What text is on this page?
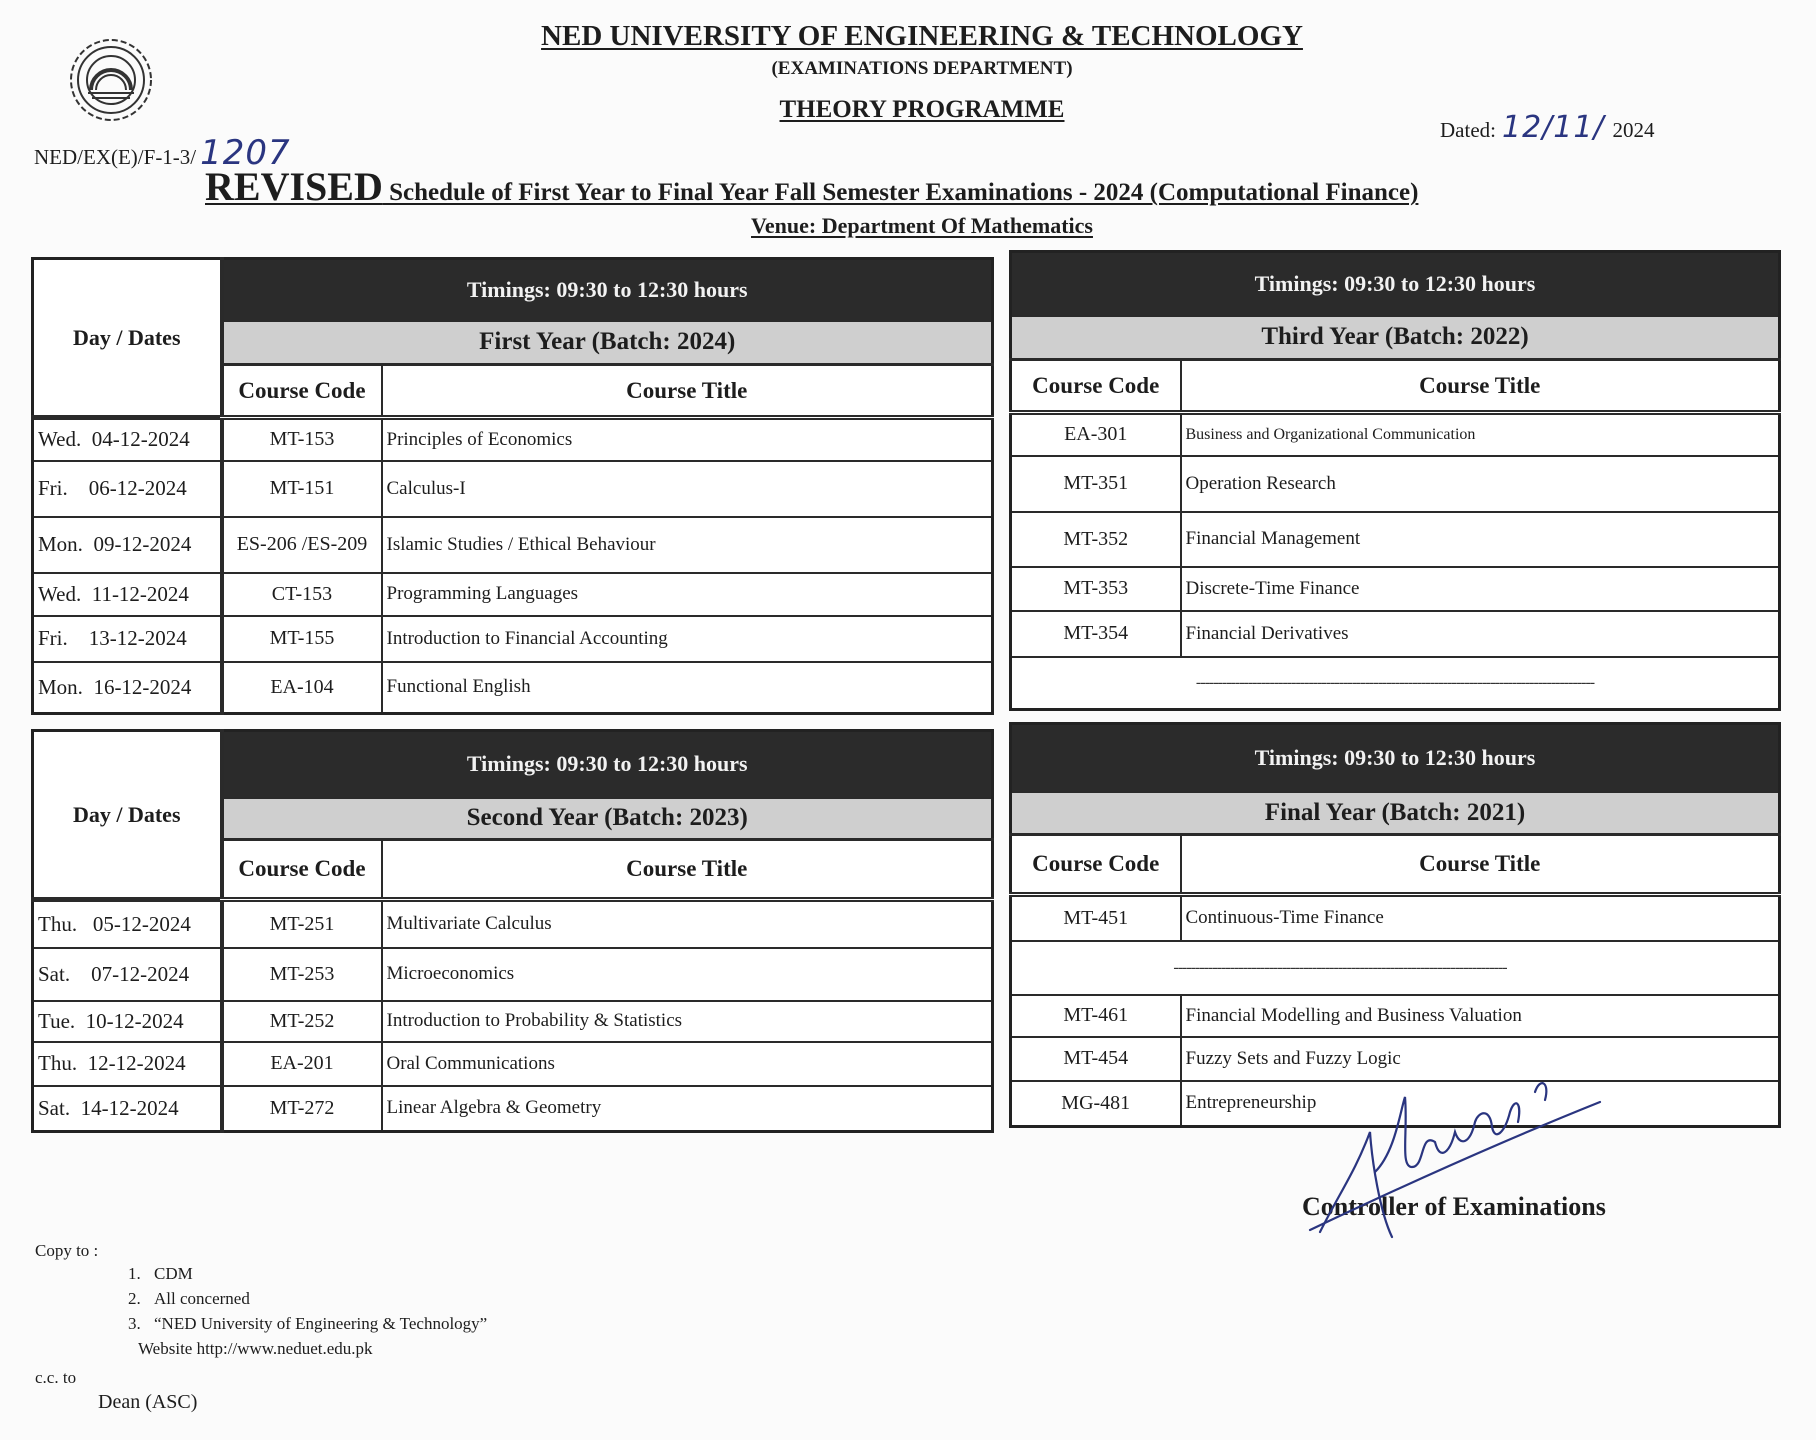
NED UNIVERSITY OF ENGINEERING & TECHNOLOGY
(EXAMINATIONS DEPARTMENT)
THEORY PROGRAMME
NED/EX(E)/F-1-3/ 1207
Dated: 12/11/ 2024
REVISED Schedule of First Year to Final Year Fall Semester Examinations - 2024 (Computational Finance)
Venue: Department Of Mathematics
Day / Dates	Timings: 09:30 to 12:30 hours	
	First Year (Batch: 2024)	
	Course Code	Course Title
Wed. 04-12-2024	MT-153	Principles of Economics
Fri. 06-12-2024	MT-151	Calculus-I
Mon. 09-12-2024	ES-206 /ES-209	Islamic Studies / Ethical Behaviour
Wed. 11-12-2024	CT-153	Programming Languages
Fri. 13-12-2024	MT-155	Introduction to Financial Accounting
Mon. 16-12-2024	EA-104	Functional English
Timings: 09:30 to 12:30 hours	
Third Year (Batch: 2022)	
Course Code	Course Title
EA-301	Business and Organizational Communication
MT-351	Operation Research
MT-352	Financial Management
MT-353	Discrete-Time Finance
MT-354	Financial Derivatives
--------------------------------------------------------------------------------------------	
Day / Dates	Timings: 09:30 to 12:30 hours	
	Second Year (Batch: 2023)	
	Course Code	Course Title
Thu. 05-12-2024	MT-251	Multivariate Calculus
Sat. 07-12-2024	MT-253	Microeconomics
Tue. 10-12-2024	MT-252	Introduction to Probability & Statistics
Thu. 12-12-2024	EA-201	Oral Communications
Sat. 14-12-2024	MT-272	Linear Algebra & Geometry
Timings: 09:30 to 12:30 hours	
Final Year (Batch: 2021)	
Course Code	Course Title
MT-451	Continuous-Time Finance
-----------------------------------------------------------------------------	
MT-461	Financial Modelling and Business Valuation
MT-454	Fuzzy Sets and Fuzzy Logic
MG-481	Entrepreneurship
Controller of Examinations
Copy to :
1. CDM
2. All concerned
3. “NED University of Engineering & Technology”
Website http://www.neduet.edu.pk
c.c. to
Dean (ASC)
